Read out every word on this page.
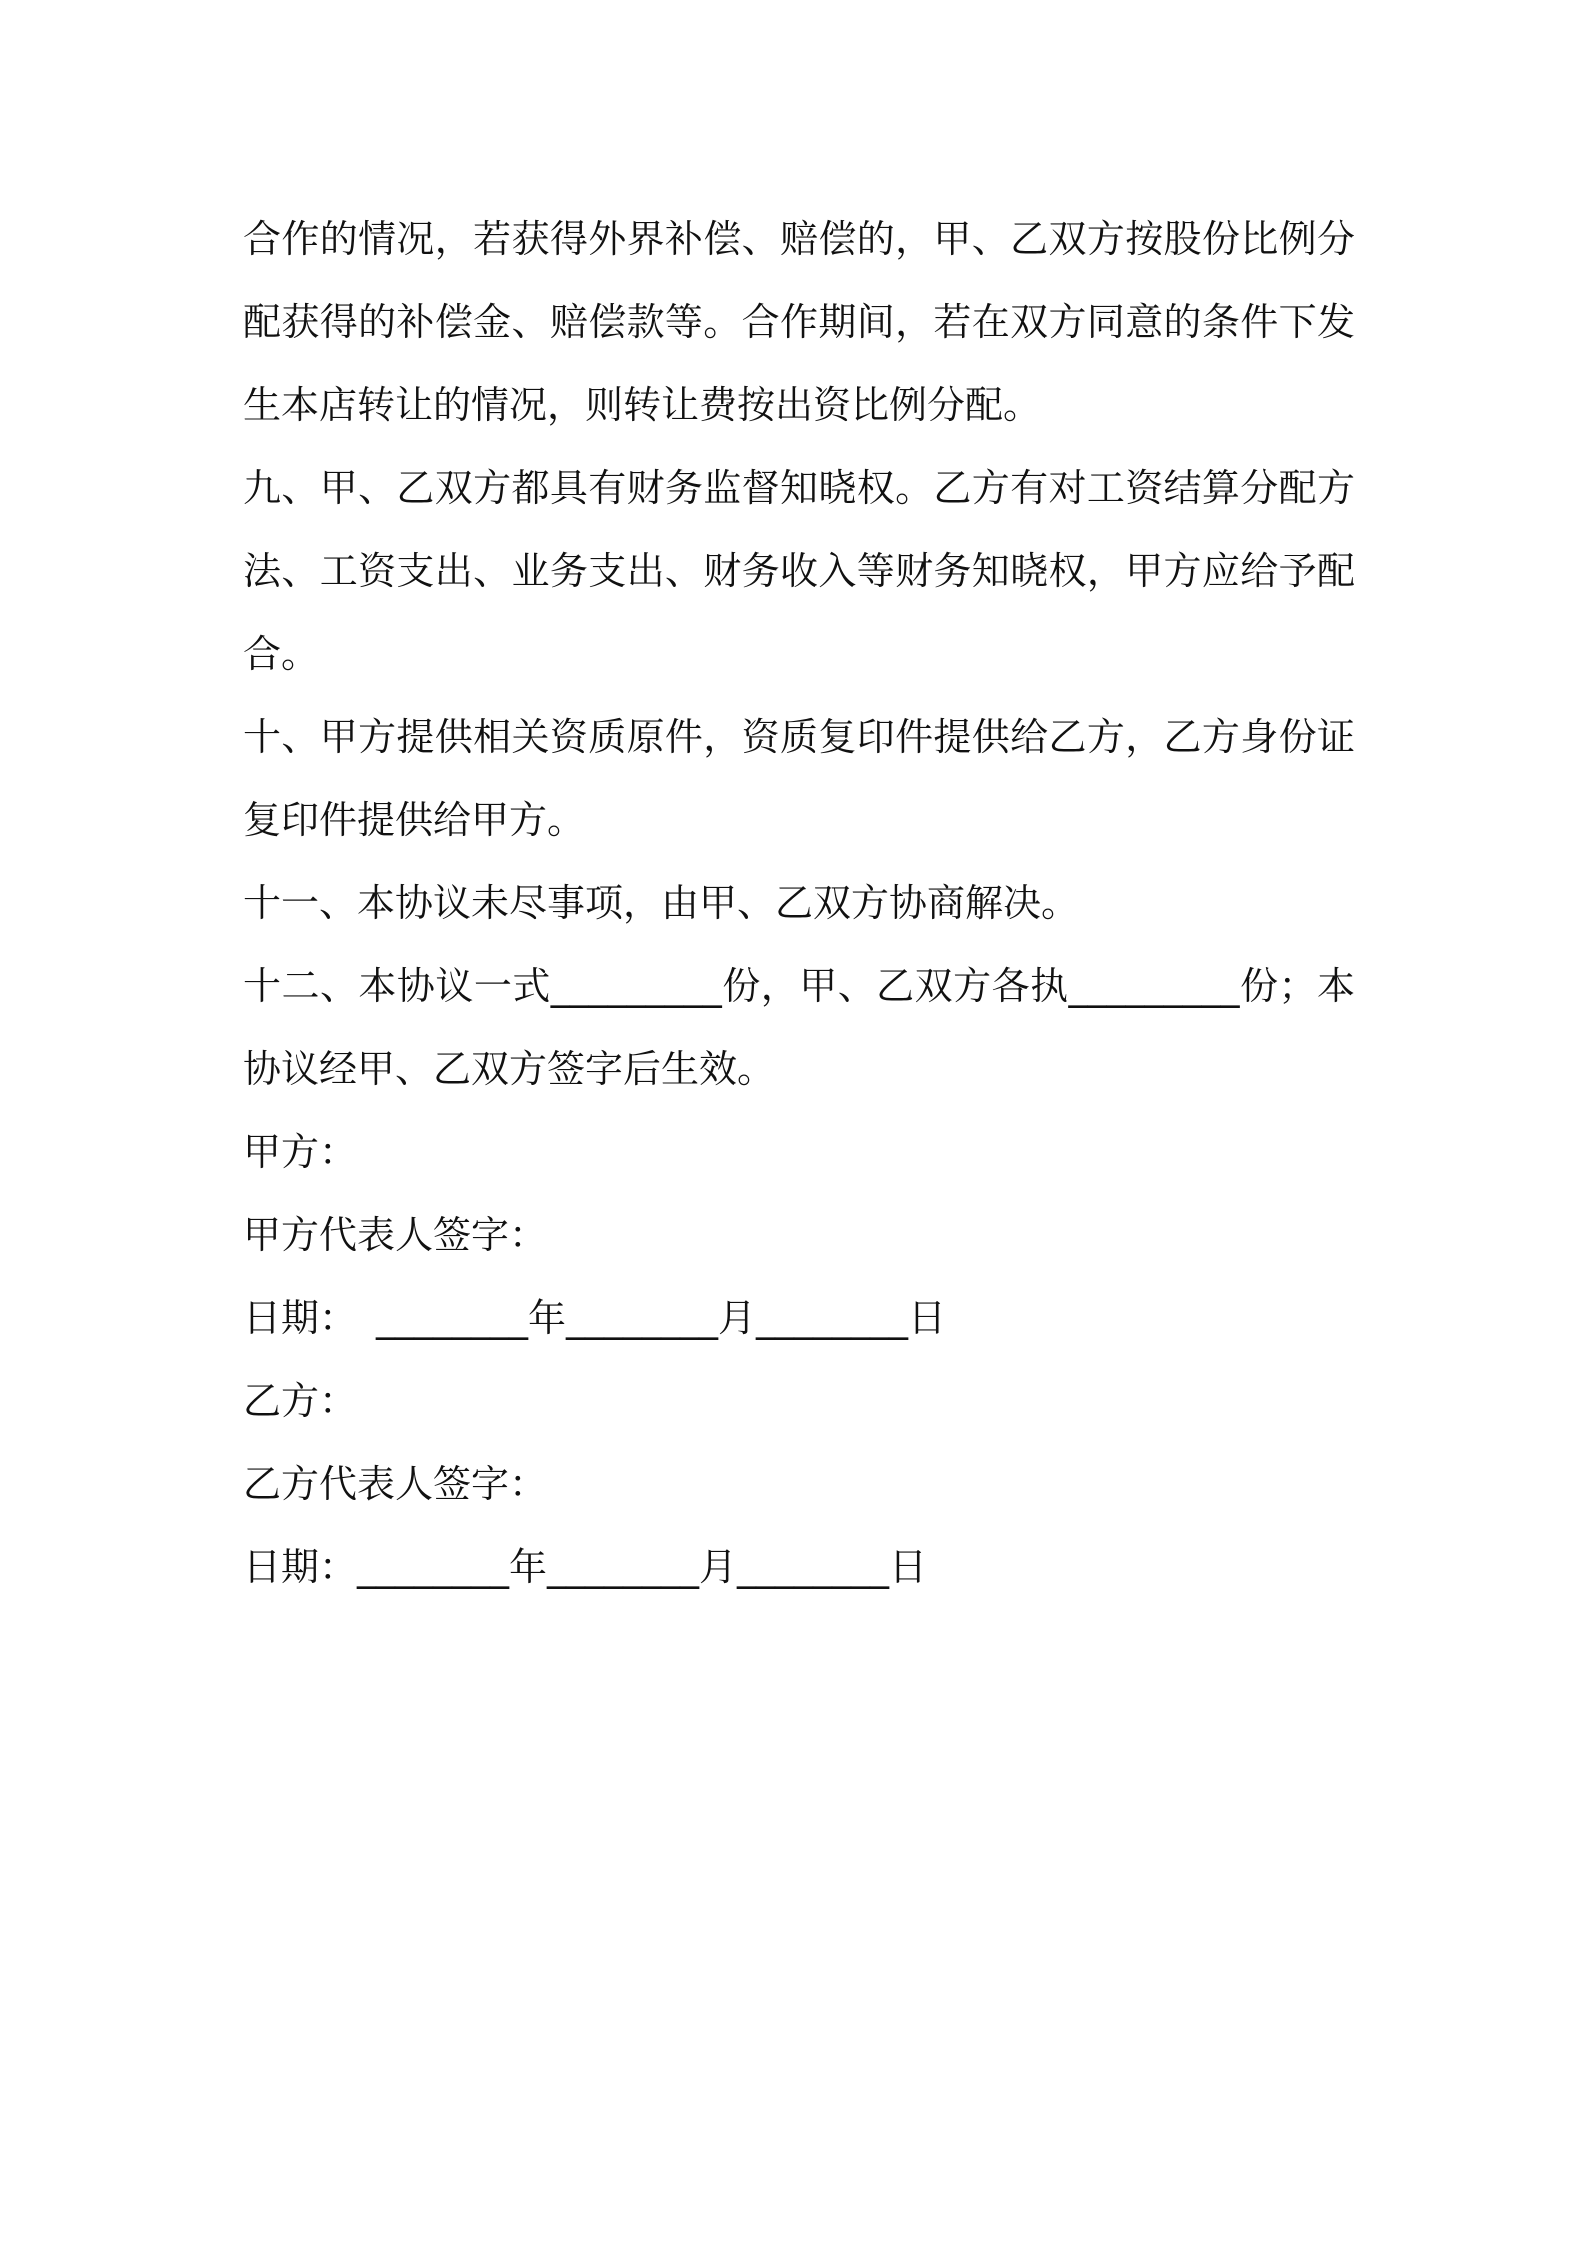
合作的情况，若获得外界补偿、赔偿的，甲、乙双方按股份比例分配获得的补偿金、赔偿款等。合作期间，若在双方同意的条件下发生本店转让的情况，则转让费按出资比例分配。

九、甲、乙双方都具有财务监督知晓权。乙方有对工资结算分配方法、工资支出、业务支出、财务收入等财务知晓权，甲方应给予配合。

十、甲方提供相关资质原件，资质复印件提供给乙方，乙方身份证复印件提供给甲方。

十一、本协议未尽事项，由甲、乙双方协商解决。

十二、本协议一式_________份，甲、乙双方各执_________份；本协议经甲、乙双方签字后生效。

甲方：

甲方代表人签字：

日期：　________年________月________日

乙方：

乙方代表人签字：

日期：________年________月________日
